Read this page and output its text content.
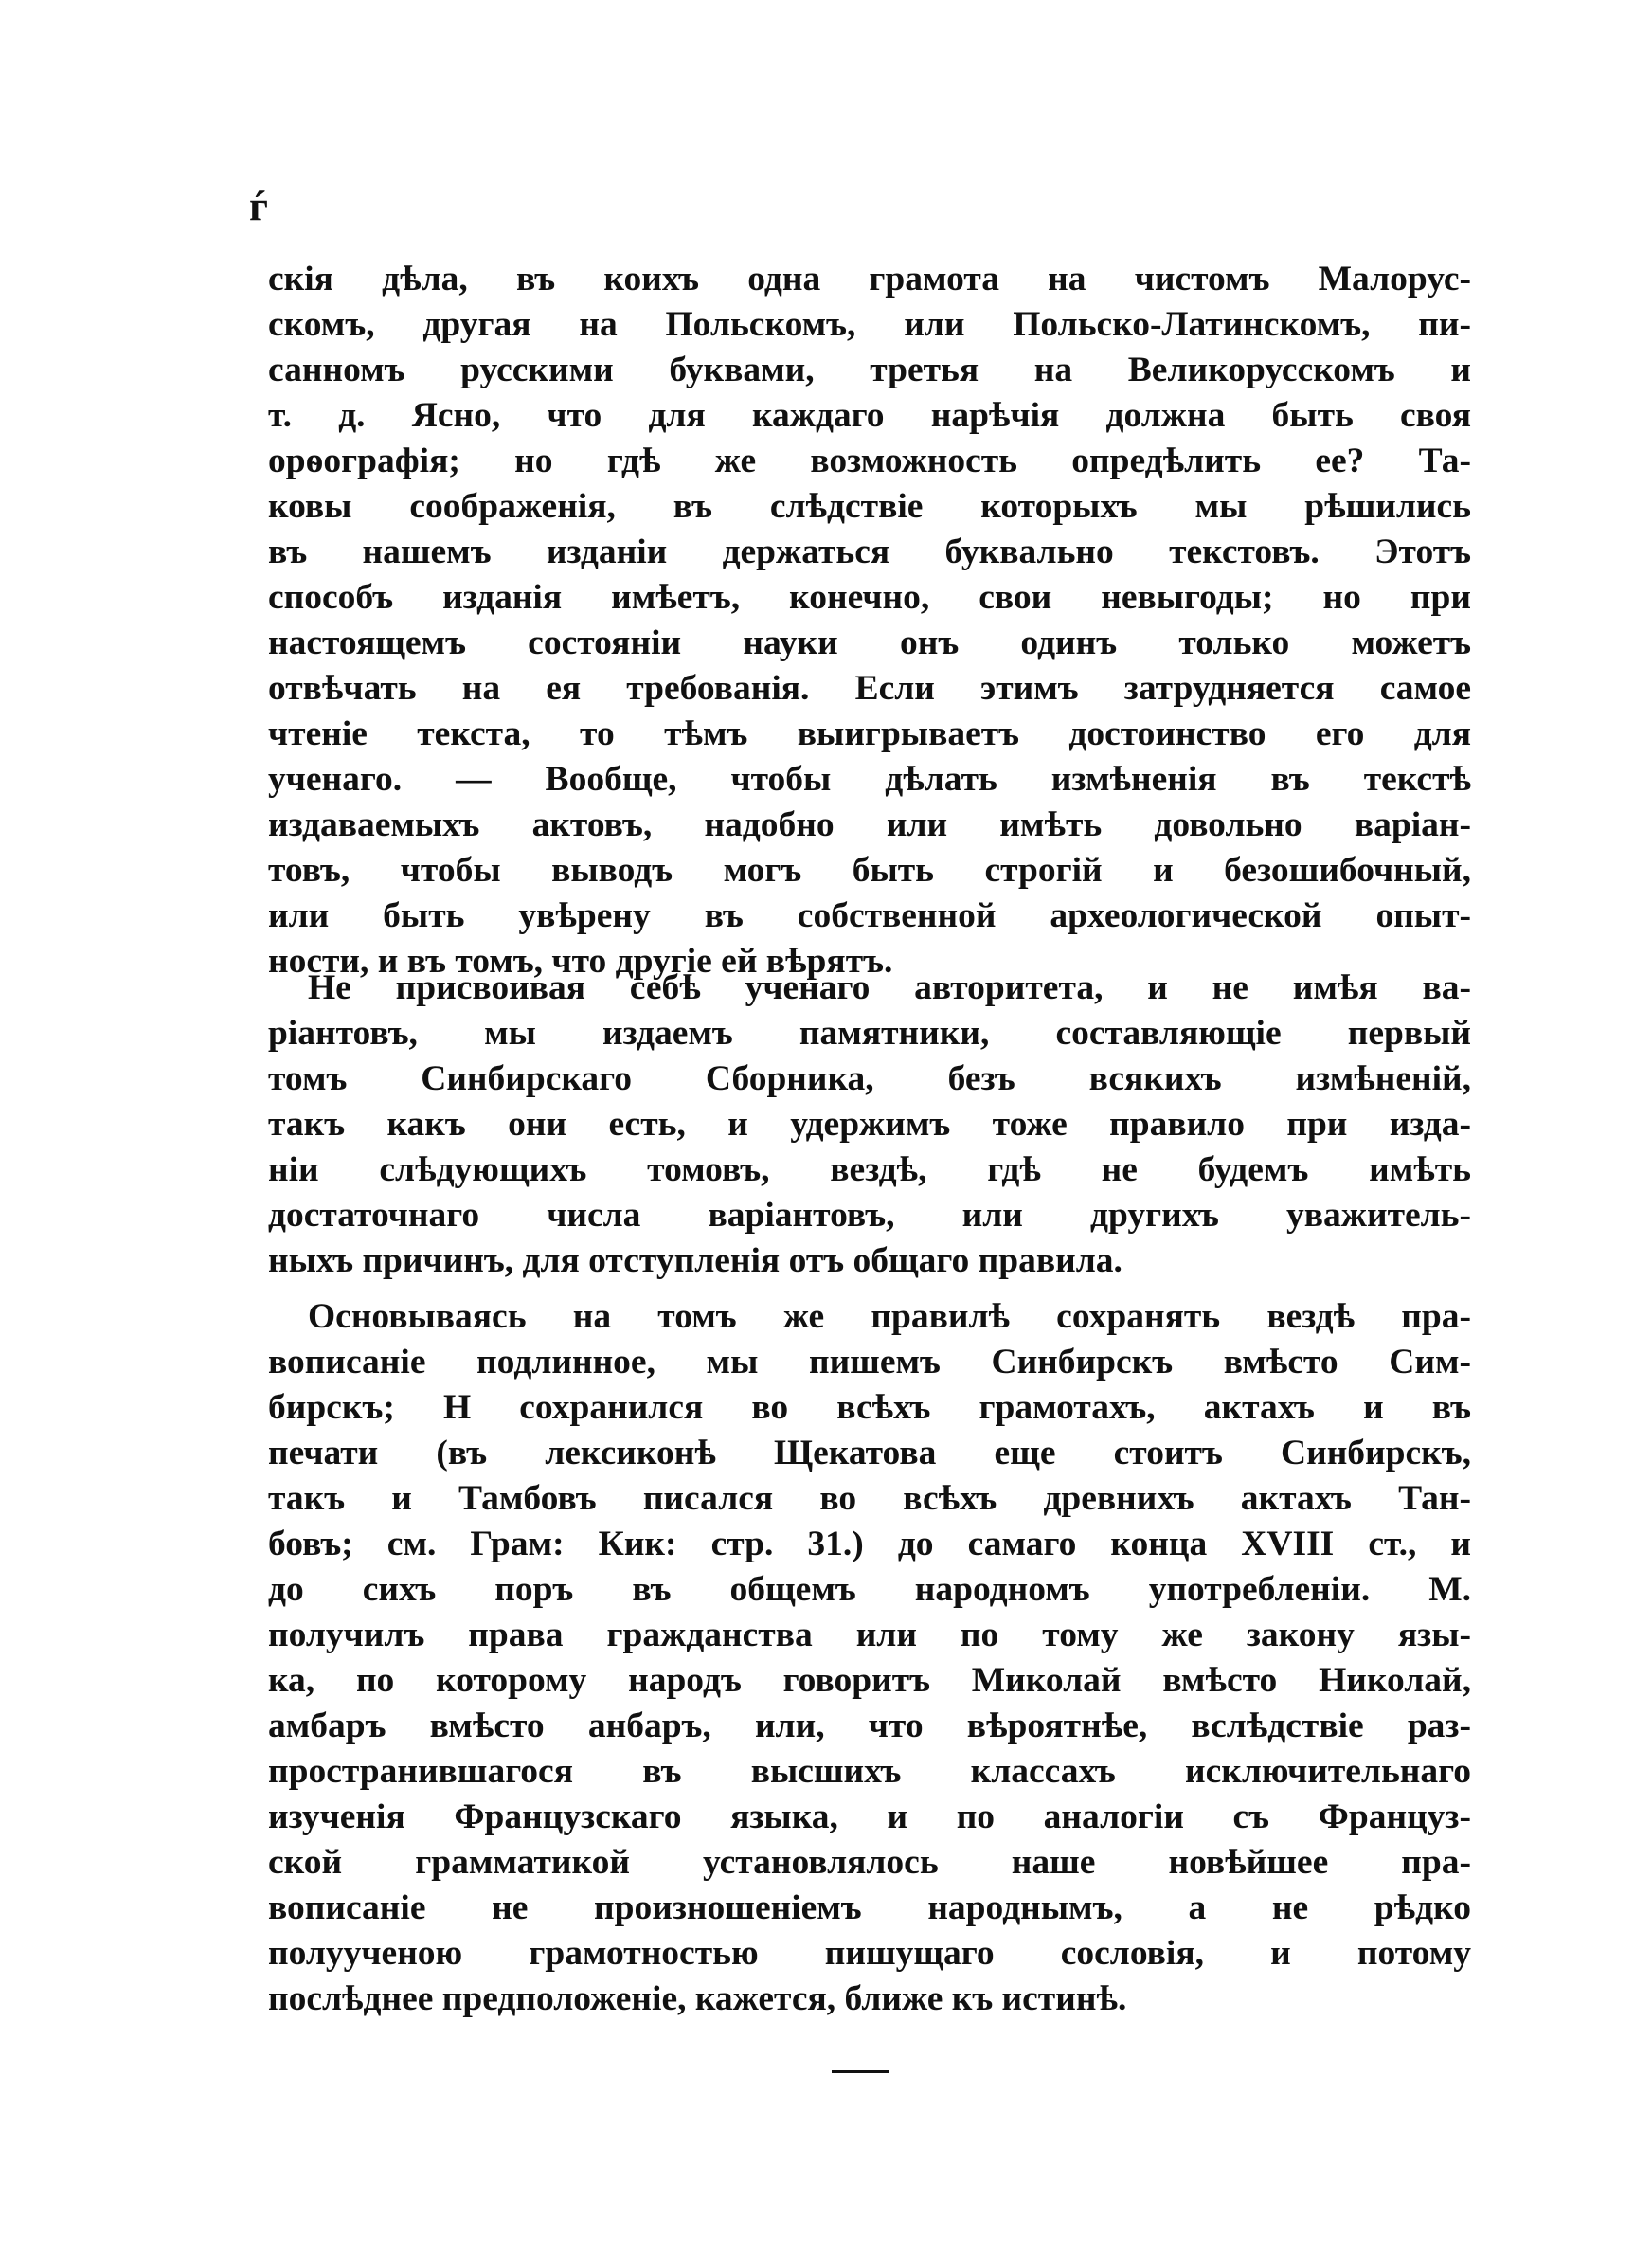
ѓ
скія дѣла, въ коихъ одна грамота на чистомъ Малорус-
скомъ, другая на Польскомъ, или Польско-Латинскомъ, пи-
санномъ русскими буквами, третья на Великорусскомъ и
т. д. Ясно, что для каждаго нарѣчія должна быть своя
орѳографія; но гдѣ же возможность опредѣлить ее? Та-
ковы соображенія, въ слѣдствіе которыхъ мы рѣшились
въ нашемъ изданіи держаться буквально текстовъ. Этотъ
способъ изданія имѣетъ, конечно, свои невыгоды; но при
настоящемъ состояніи науки онъ одинъ только можетъ
отвѣчать на ея требованія. Если этимъ затрудняется самое
чтеніе текста, то тѣмъ выигрываетъ достоинство его для
ученаго. — Вообще, чтобы дѣлать измѣненія въ текстѣ
издаваемыхъ актовъ, надобно или имѣть довольно варіан-
товъ, чтобы выводъ могъ быть строгій и безошибочный,
или быть увѣрену въ собственной археологической опыт-
ности, и въ томъ, что другіе ей вѣрятъ.
Не присвоивая себѣ ученаго авторитета, и не имѣя ва-
ріантовъ, мы издаемъ памятники, составляющіе первый
томъ Синбирскаго Сборника, безъ всякихъ измѣненій,
такъ какъ они есть, и удержимъ тоже правило при изда-
ніи слѣдующихъ томовъ, вездѣ, гдѣ не будемъ имѣть
достаточнаго числа варіантовъ, или другихъ уважитель-
ныхъ причинъ, для отступленія отъ общаго правила.
Основываясь на томъ же правилѣ сохранять вездѣ пра-
вописаніе подлинное, мы пишемъ Синбирскъ вмѣсто Сим-
бирскъ; Н сохранился во всѣхъ грамотахъ, актахъ и въ
печати (въ лексиконѣ Щекатова еще стоитъ Синбирскъ,
такъ и Тамбовъ писался во всѣхъ древнихъ актахъ Тан-
бовъ; см. Грам: Кик: стр. 31.) до самаго конца XVIII ст., и
до сихъ поръ въ общемъ народномъ употребленіи. М.
получилъ права гражданства или по тому же закону язы-
ка, по которому народъ говоритъ Миколай вмѣсто Николай,
амбаръ вмѣсто анбаръ, или, что вѣроятнѣе, вслѣдствіе раз-
пространившагося въ высшихъ классахъ исключительнаго
изученія Французскаго языка, и по аналогіи съ Француз-
ской грамматикой установлялось наше новѣйшее пра-
вописаніе не произношеніемъ народнымъ, а не рѣдко
полуученою грамотностью пишущаго сословія, и потому
послѣднее предположеніе, кажется, ближе къ истинѣ.
